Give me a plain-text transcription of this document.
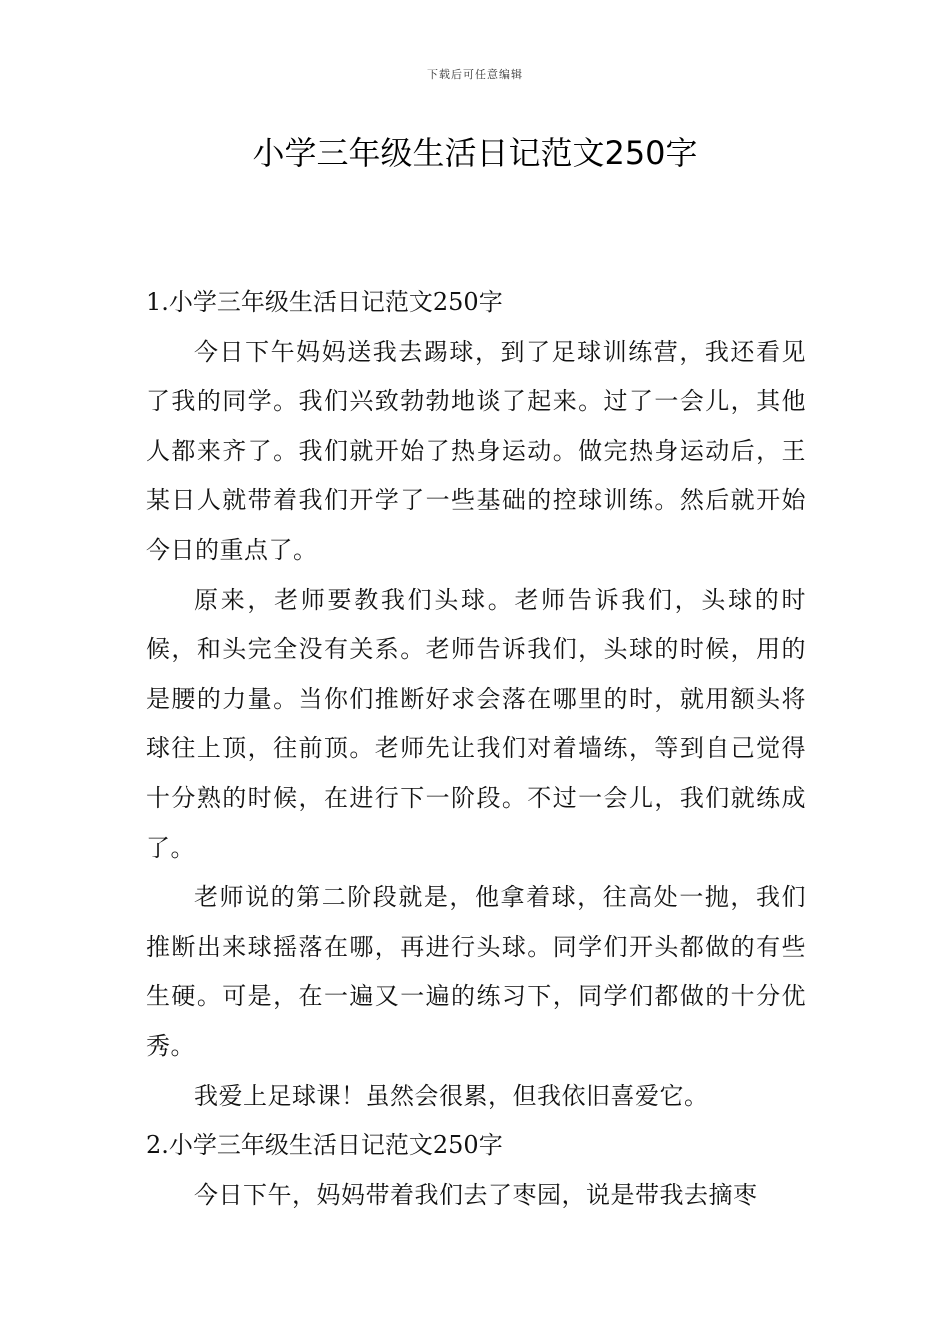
下载后可任意编辑
小学三年级生活日记范文250字
1.小学三年级生活日记范文250字

今日下午妈妈送我去踢球，到了足球训练营，我还看见了我的同学。我们兴致勃勃地谈了起来。过了一会儿，其他人都来齐了。我们就开始了热身运动。做完热身运动后，王某日人就带着我们开学了一些基础的控球训练。然后就开始今日的重点了。

原来，老师要教我们头球。老师告诉我们，头球的时候，和头完全没有关系。老师告诉我们，头球的时候，用的是腰的力量。当你们推断好求会落在哪里的时，就用额头将球往上顶，往前顶。老师先让我们对着墙练，等到自己觉得十分熟的时候，在进行下一阶段。不过一会儿，我们就练成了。

老师说的第二阶段就是，他拿着球，往高处一抛，我们推断出来球摇落在哪，再进行头球。同学们开头都做的有些生硬。可是，在一遍又一遍的练习下，同学们都做的十分优秀。

我爱上足球课！虽然会很累，但我依旧喜爱它。

2.小学三年级生活日记范文250字

今日下午，妈妈带着我们去了枣园，说是带我去摘枣
